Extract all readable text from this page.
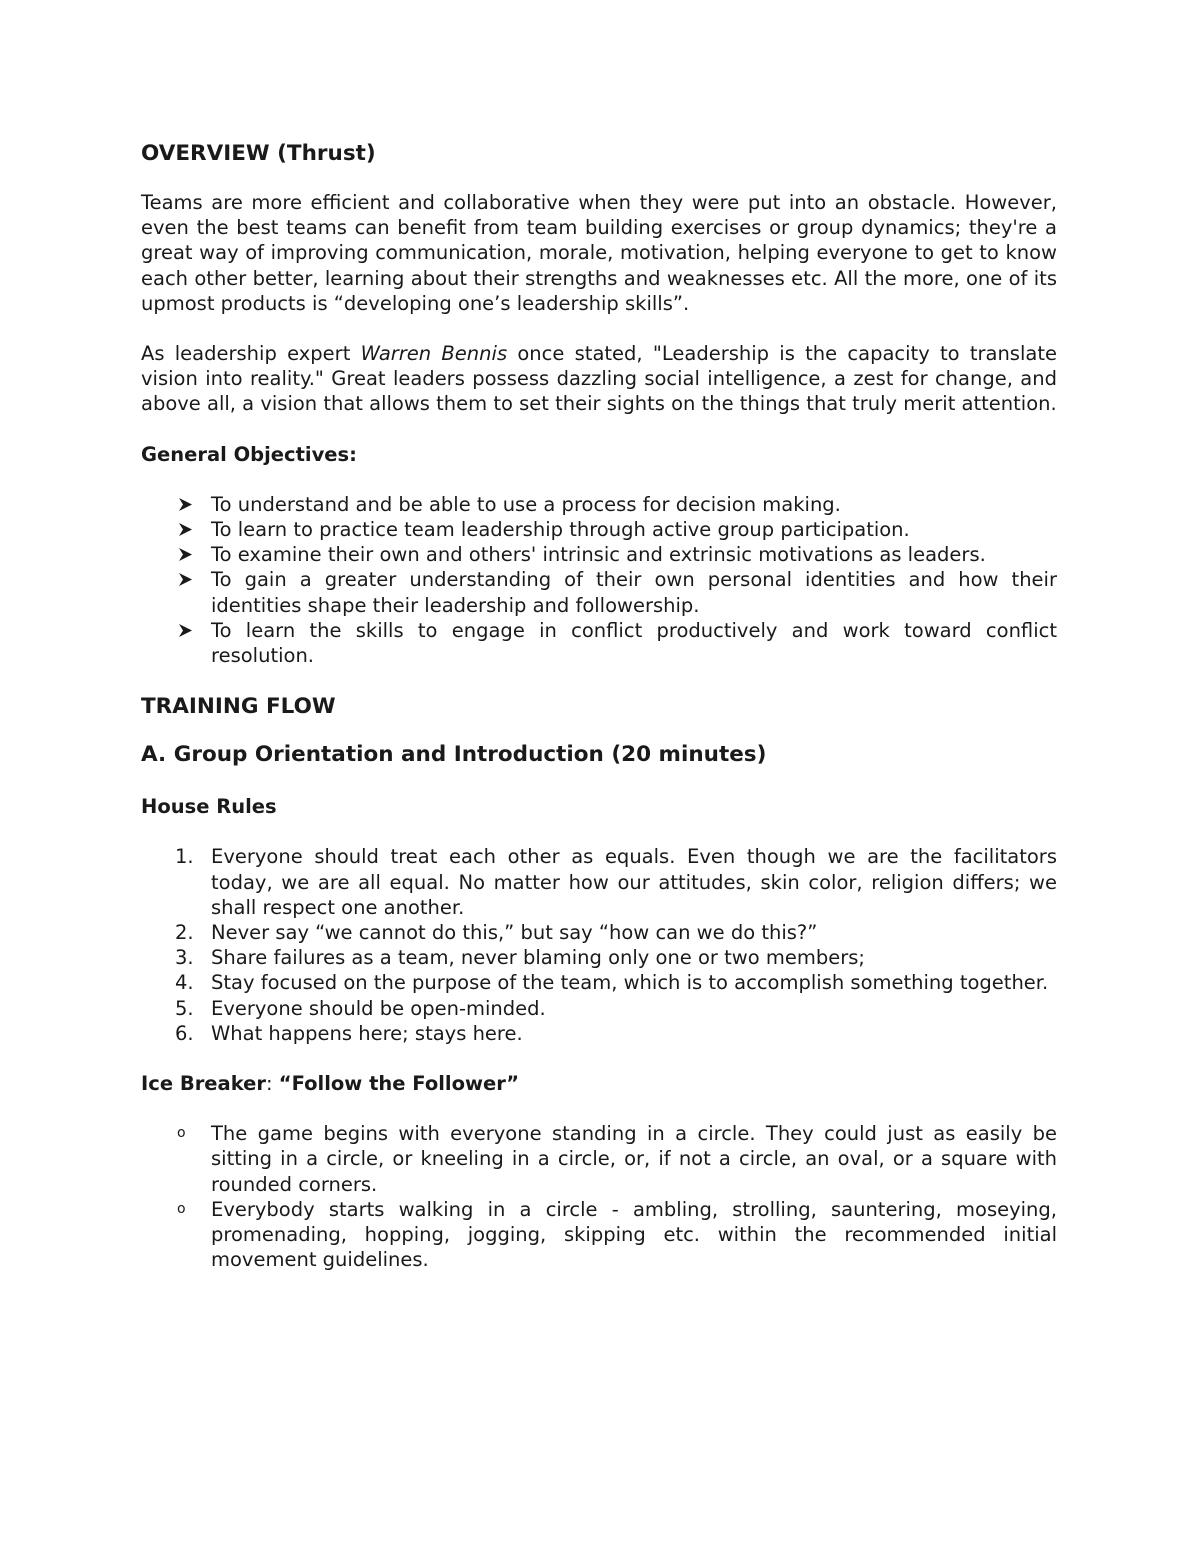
OVERVIEW (Thrust)

Teams are more efficient and collaborative when they were put into an obstacle. However, even the best teams can benefit from team building exercises or group dynamics; they're a great way of improving communication, morale, motivation, helping everyone to get to know each other better, learning about their strengths and weaknesses etc. All the more, one of its upmost products is “developing one’s leadership skills”.

As leadership expert Warren Bennis once stated, "Leadership is the capacity to translate vision into reality." Great leaders possess dazzling social intelligence, a zest for change, and above all, a vision that allows them to set their sights on the things that truly merit attention.

General Objectives:
To understand and be able to use a process for decision making.
To learn to practice team leadership through active group participation.
To examine their own and others' intrinsic and extrinsic motivations as leaders.
To gain a greater understanding of their own personal identities and how their identities shape their leadership and followership.
To learn the skills to engage in conflict productively and work toward conflict resolution.
TRAINING FLOW
A. Group Orientation and Introduction (20 minutes)
House Rules
1. Everyone should treat each other as equals. Even though we are the facilitators today, we are all equal. No matter how our attitudes, skin color, religion differs; we shall respect one another.
2. Never say “we cannot do this,” but say “how can we do this?”
3. Share failures as a team, never blaming only one or two members;
4. Stay focused on the purpose of the team, which is to accomplish something together.
5. Everyone should be open-minded.
6. What happens here; stays here.
Ice Breaker: “Follow the Follower”
o The game begins with everyone standing in a circle. They could just as easily be sitting in a circle, or kneeling in a circle, or, if not a circle, an oval, or a square with rounded corners.
o Everybody starts walking in a circle - ambling, strolling, sauntering, moseying, promenading, hopping, jogging, skipping etc. within the recommended initial movement guidelines.
